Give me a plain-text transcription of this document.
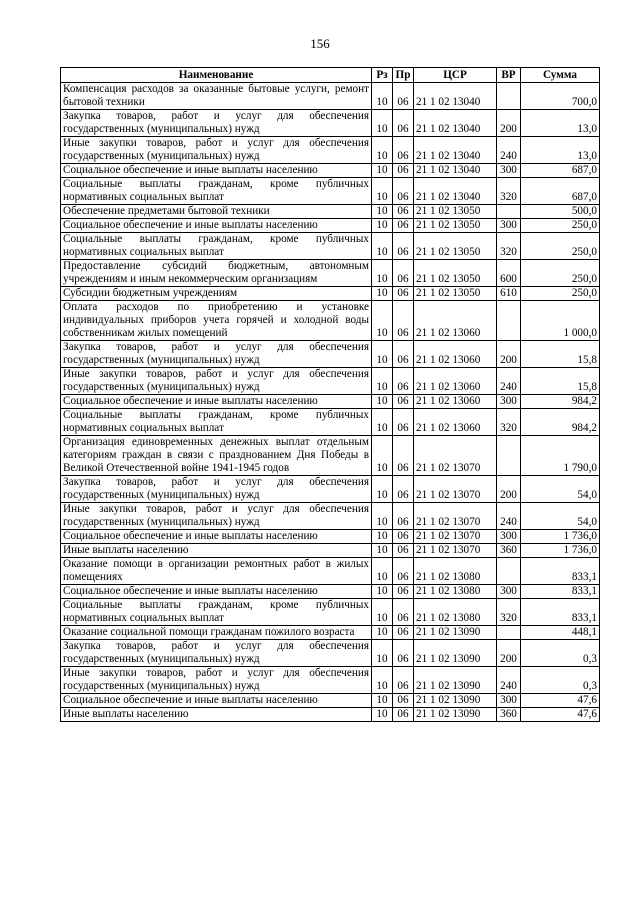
156
Наименование	Рз	Пр	ЦСР	ВР	Сумма
Компенсация расходов за оказанные бытовые услуги, ремонт бытовой техники	10	06	21 1 02 13040		700,0
Закупка товаров, работ и услуг для обеспечения государственных (муниципальных) нужд	10	06	21 1 02 13040	200	13,0
Иные закупки товаров, работ и услуг для обеспечения государственных (муниципальных) нужд	10	06	21 1 02 13040	240	13,0
Социальное обеспечение и иные выплаты населению	10	06	21 1 02 13040	300	687,0
Социальные выплаты гражданам, кроме публичных нормативных социальных выплат	10	06	21 1 02 13040	320	687,0
Обеспечение предметами бытовой техники	10	06	21 1 02 13050		500,0
Социальное обеспечение и иные выплаты населению	10	06	21 1 02 13050	300	250,0
Социальные выплаты гражданам, кроме публичных нормативных социальных выплат	10	06	21 1 02 13050	320	250,0
Предоставление субсидий бюджетным, автономным учреждениям и иным некоммерческим организациям	10	06	21 1 02 13050	600	250,0
Субсидии бюджетным учреждениям	10	06	21 1 02 13050	610	250,0
Оплата расходов по приобретению и установке индивидуальных приборов учета горячей и холодной воды собственникам жилых помещений	10	06	21 1 02 13060		1 000,0
Закупка товаров, работ и услуг для обеспечения государственных (муниципальных) нужд	10	06	21 1 02 13060	200	15,8
Иные закупки товаров, работ и услуг для обеспечения государственных (муниципальных) нужд	10	06	21 1 02 13060	240	15,8
Социальное обеспечение и иные выплаты населению	10	06	21 1 02 13060	300	984,2
Социальные выплаты гражданам, кроме публичных нормативных социальных выплат	10	06	21 1 02 13060	320	984,2
Организация единовременных денежных выплат отдельным категориям граждан в связи с празднованием Дня Победы в Великой Отечественной войне 1941-1945 годов	10	06	21 1 02 13070		1 790,0
Закупка товаров, работ и услуг для обеспечения государственных (муниципальных) нужд	10	06	21 1 02 13070	200	54,0
Иные закупки товаров, работ и услуг для обеспечения государственных (муниципальных) нужд	10	06	21 1 02 13070	240	54,0
Социальное обеспечение и иные выплаты населению	10	06	21 1 02 13070	300	1 736,0
Иные выплаты населению	10	06	21 1 02 13070	360	1 736,0
Оказание помощи в организации ремонтных работ в жилых помещениях	10	06	21 1 02 13080		833,1
Социальное обеспечение и иные выплаты населению	10	06	21 1 02 13080	300	833,1
Социальные выплаты гражданам, кроме публичных нормативных социальных выплат	10	06	21 1 02 13080	320	833,1
Оказание социальной помощи гражданам пожилого возраста	10	06	21 1 02 13090		448,1
Закупка товаров, работ и услуг для обеспечения государственных (муниципальных) нужд	10	06	21 1 02 13090	200	0,3
Иные закупки товаров, работ и услуг для обеспечения государственных (муниципальных) нужд	10	06	21 1 02 13090	240	0,3
Социальное обеспечение и иные выплаты населению	10	06	21 1 02 13090	300	47,6
Иные выплаты населению	10	06	21 1 02 13090	360	47,6
